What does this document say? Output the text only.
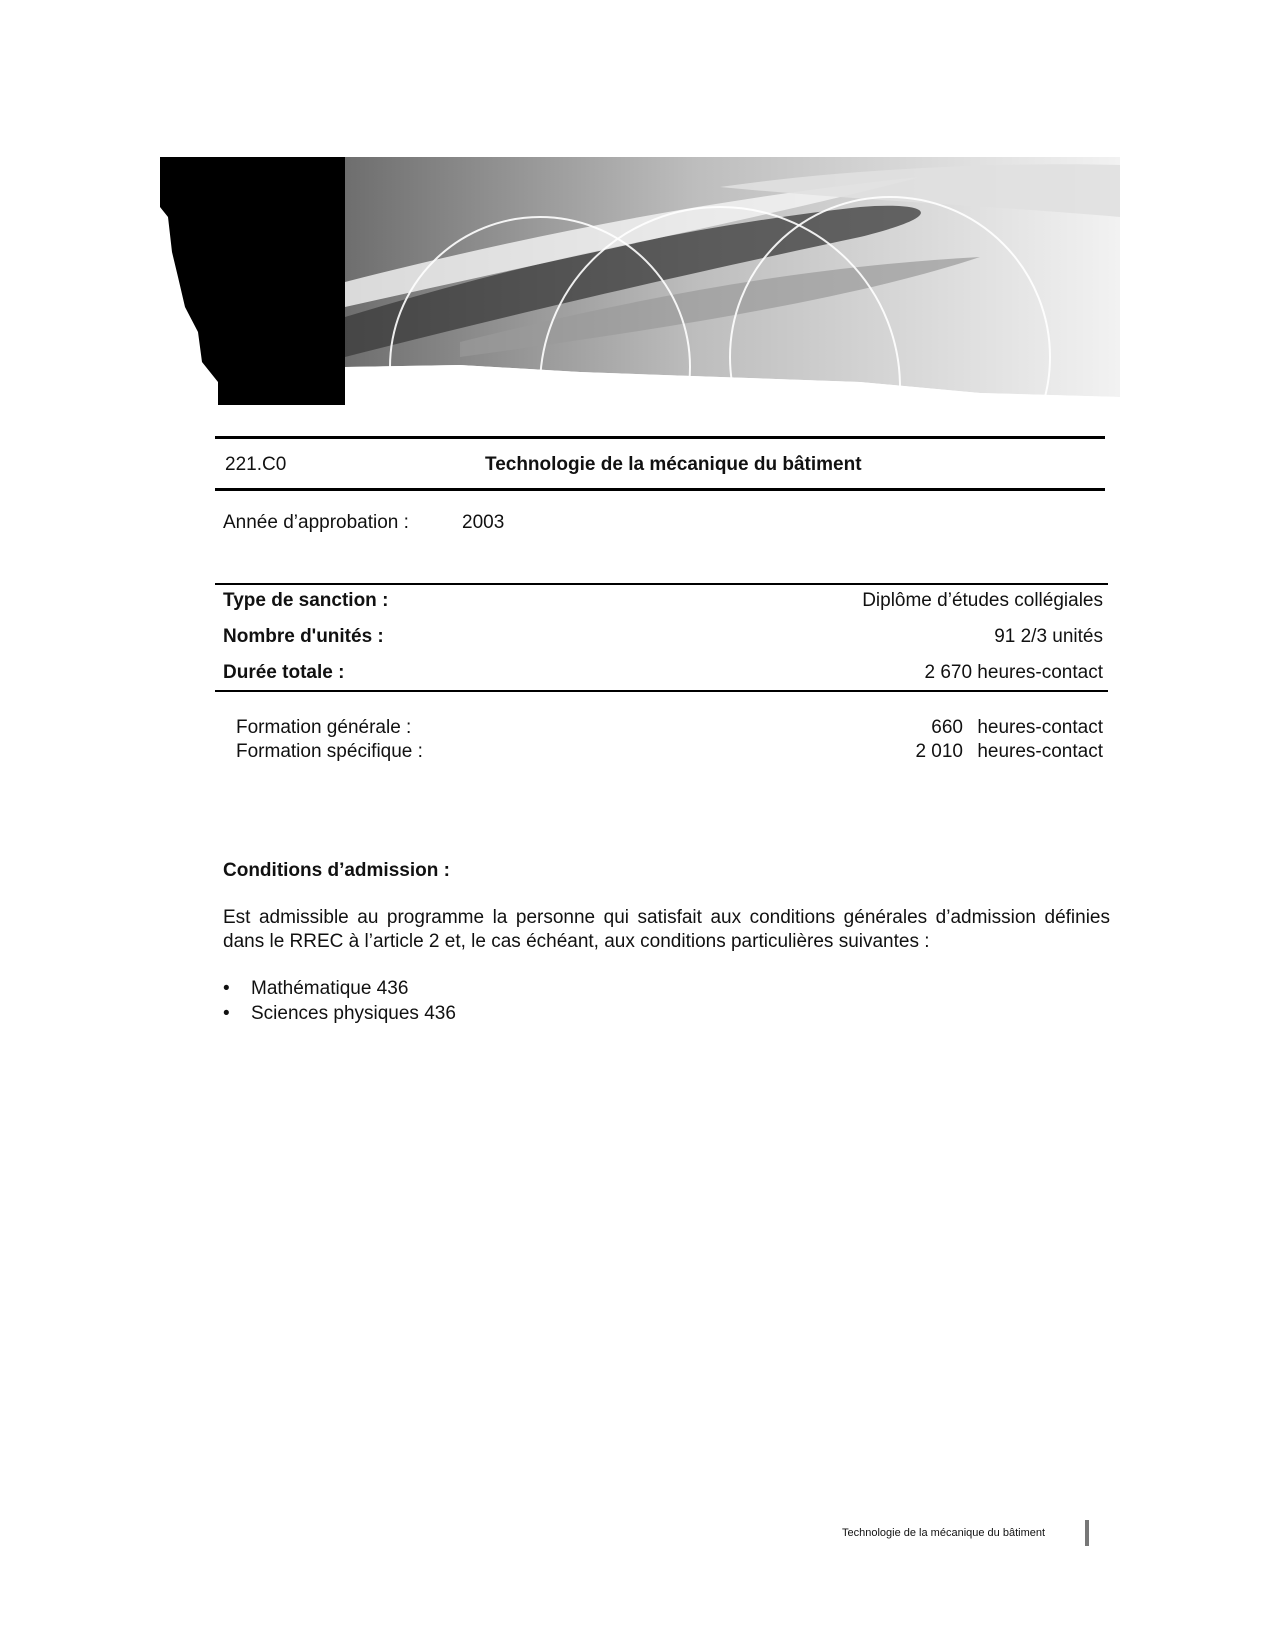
221.C0	Technologie de la mécanique du bâtiment
Année d’approbation :	2003
Type de sanction :	Diplôme d’études collégiales
Nombre d'unités :	91 2/3 unités
Durée totale :	2 670 heures-contact
Formation générale :	660 heures-contact
Formation spécifique :	2 010 heures-contact
Conditions d’admission :
Est admissible au programme la personne qui satisfait aux conditions générales d’admission définies dans le RREC à l’article 2 et, le cas échéant, aux conditions particulières suivantes :
•	Mathématique 436
•	Sciences physiques 436
Technologie de la mécanique du bâtiment
